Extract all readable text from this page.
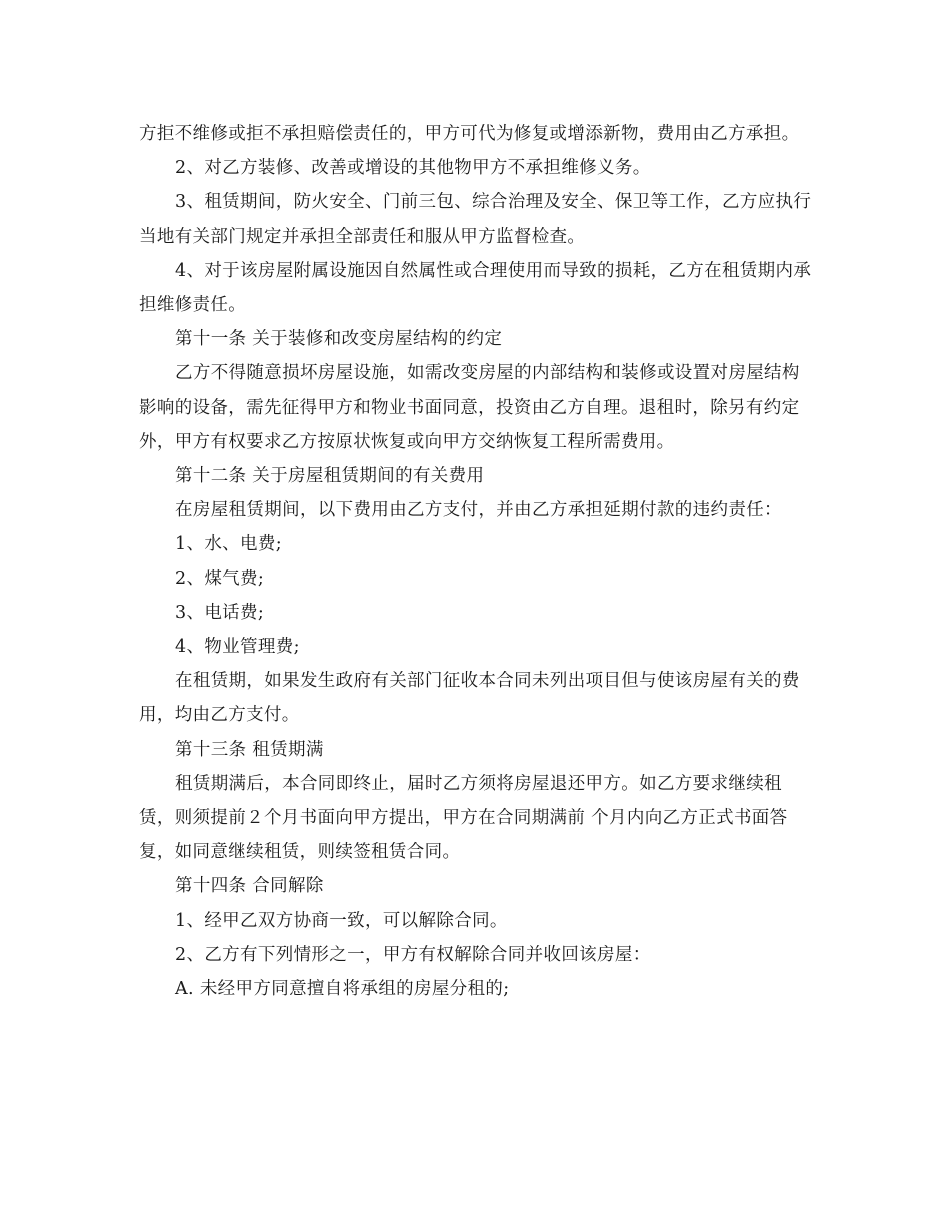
方拒不维修或拒不承担赔偿责任的，甲方可代为修复或增添新物，费用由乙方承担。

2、对乙方装修、改善或增设的其他物甲方不承担维修义务。

3、租赁期间，防火安全、门前三包、综合治理及安全、保卫等工作，乙方应执行当地有关部门规定并承担全部责任和服从甲方监督检查。

4、对于该房屋附属设施因自然属性或合理使用而导致的损耗，乙方在租赁期内承担维修责任。

第十一条 关于装修和改变房屋结构的约定

乙方不得随意损坏房屋设施，如需改变房屋的内部结构和装修或设置对房屋结构影响的设备，需先征得甲方和物业书面同意，投资由乙方自理。退租时，除另有约定外，甲方有权要求乙方按原状恢复或向甲方交纳恢复工程所需费用。

第十二条 关于房屋租赁期间的有关费用

在房屋租赁期间，以下费用由乙方支付，并由乙方承担延期付款的违约责任：

1、水、电费;

2、煤气费;

3、电话费;

4、物业管理费;

在租赁期，如果发生政府有关部门征收本合同未列出项目但与使该房屋有关的费用，均由乙方支付。

第十三条 租赁期满

租赁期满后，本合同即终止，届时乙方须将房屋退还甲方。如乙方要求继续租赁，则须提前２个月书面向甲方提出，甲方在合同期满前 个月内向乙方正式书面答复，如同意继续租赁，则续签租赁合同。

第十四条 合同解除

1、经甲乙双方协商一致，可以解除合同。

2、乙方有下列情形之一，甲方有权解除合同并收回该房屋：

A. 未经甲方同意擅自将承组的房屋分租的;
